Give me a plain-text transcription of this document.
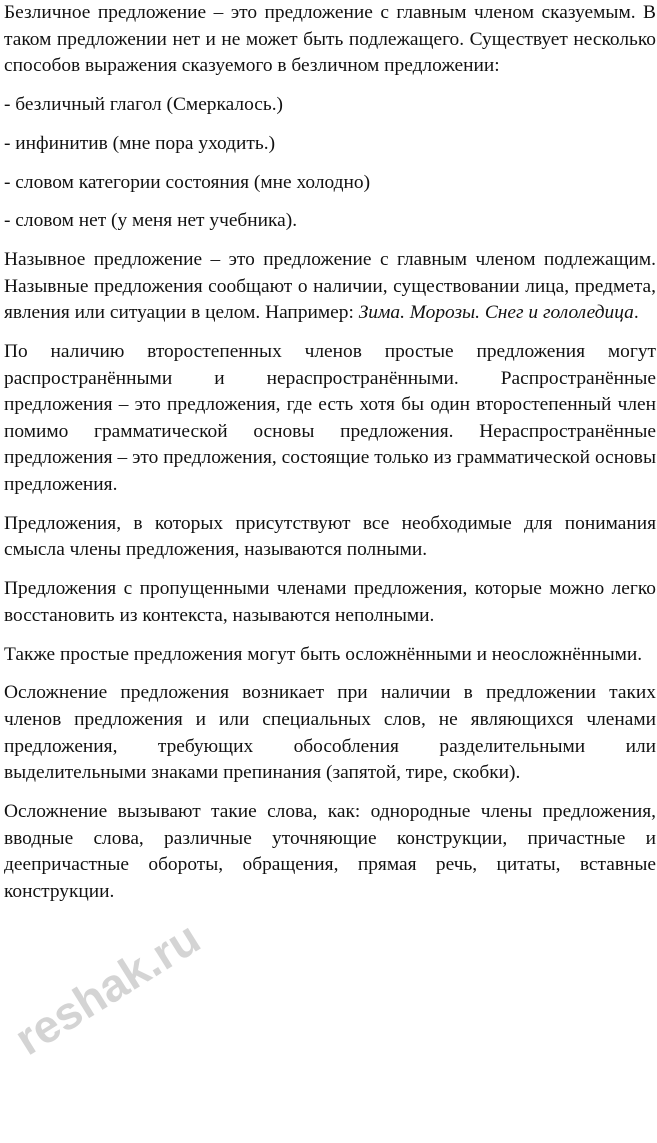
Безличное предложение – это предложение с главным членом сказуемым. В таком предложении нет и не может быть подлежащего. Существует несколько способов выражения сказуемого в безличном предложении:

- безличный глагол (Смеркалось.)

- инфинитив (мне пора уходить.)

- словом категории состояния (мне холодно)

- словом нет (у меня нет учебника).

Назывное предложение – это предложение с главным членом подлежащим. Назывные предложения сообщают о наличии, существовании лица, предмета, явления или ситуации в целом. Например: Зима. Морозы. Снег и гололедица.

По наличию второстепенных членов простые предложения могут распространёнными и нераспространёнными. Распространённые предложения – это предложения, где есть хотя бы один второстепенный член помимо грамматической основы предложения. Нераспространённые предложения – это предложения, состоящие только из грамматической основы предложения.

Предложения, в которых присутствуют все необходимые для понимания смысла члены предложения, называются полными.

Предложения с пропущенными членами предложения, которые можно легко восстановить из контекста, называются неполными.

Также простые предложения могут быть осложнёнными и неосложнёнными.

Осложнение предложения возникает при наличии в предложении таких членов предложения и или специальных слов, не являющихся членами предложения, требующих обособления разделительными или выделительными знаками препинания (запятой, тире, скобки).

Осложнение вызывают такие слова, как: однородные члены предложения, вводные слова, различные уточняющие конструкции, причастные и деепричастные обороты, обращения, прямая речь, цитаты, вставные конструкции.

reshak.ru
